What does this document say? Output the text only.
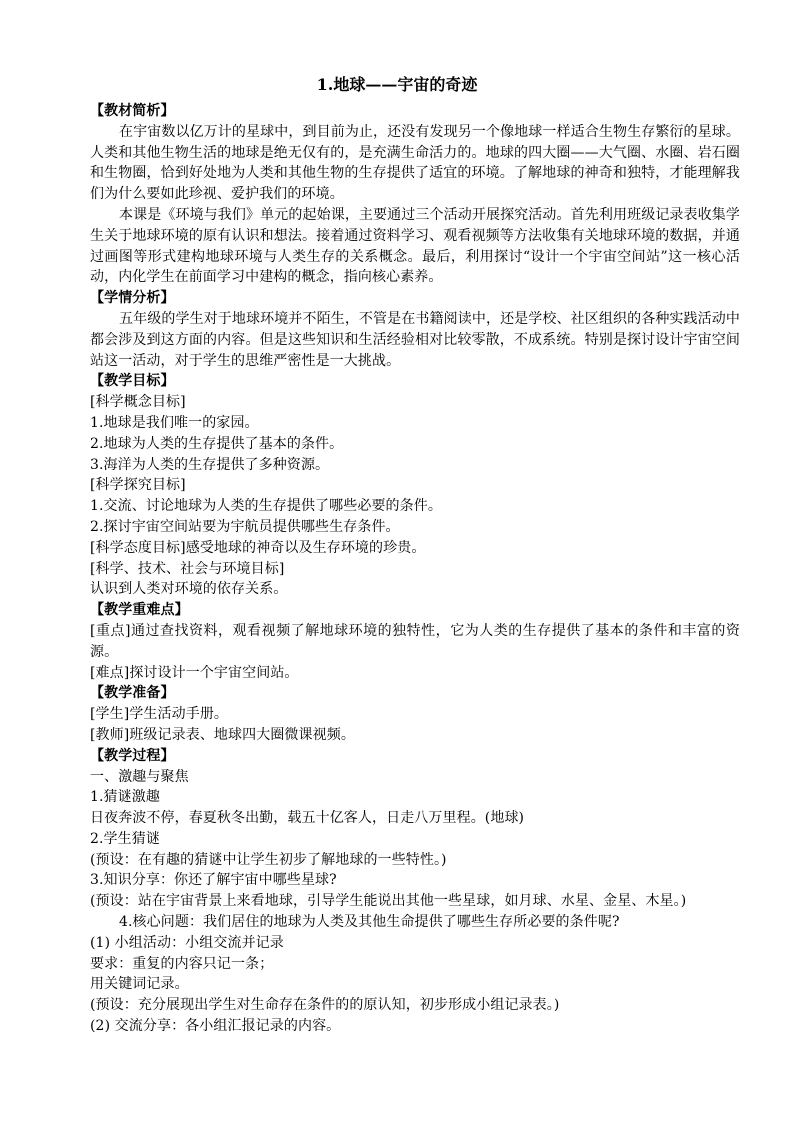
1.地球——宇宙的奇迹

【教材简析】

在宇宙数以亿万计的星球中，到目前为止，还没有发现另一个像地球一样适合生物生存繁衍的星球。人类和其他生物生活的地球是绝无仅有的，是充满生命活力的。地球的四大圈——大气圈、水圈、岩石圈和生物圈，恰到好处地为人类和其他生物的生存提供了适宜的环境。了解地球的神奇和独特，才能理解我们为什么要如此珍视、爱护我们的环境。

本课是《环境与我们》单元的起始课，主要通过三个活动开展探究活动。首先利用班级记录表收集学生关于地球环境的原有认识和想法。接着通过资料学习、观看视频等方法收集有关地球环境的数据，并通过画图等形式建构地球环境与人类生存的关系概念。最后，利用探讨“设计一个宇宙空间站”这一核心活动，内化学生在前面学习中建构的概念，指向核心素养。

【学情分析】

五年级的学生对于地球环境并不陌生，不管是在书籍阅读中，还是学校、社区组织的各种实践活动中都会涉及到这方面的内容。但是这些知识和生活经验相对比较零散，不成系统。特别是探讨设计宇宙空间站这一活动，对于学生的思维严密性是一大挑战。

【教学目标】

[科学概念目标]

1.地球是我们唯一的家园。

2.地球为人类的生存提供了基本的条件。

3.海洋为人类的生存提供了多种资源。

[科学探究目标]

1.交流、讨论地球为人类的生存提供了哪些必要的条件。

2.探讨宇宙空间站要为宇航员提供哪些生存条件。

[科学态度目标]感受地球的神奇以及生存环境的珍贵。

[科学、技术、社会与环境目标]

认识到人类对环境的依存关系。

【教学重难点】

[重点]通过查找资料，观看视频了解地球环境的独特性，它为人类的生存提供了基本的条件和丰富的资源。

[难点]探讨设计一个宇宙空间站。

【教学准备】

[学生]学生活动手册。

[教师]班级记录表、地球四大圈微课视频。

【教学过程】

一、激趣与聚焦

1.猜谜激趣

日夜奔波不停，春夏秋冬出勤，载五十亿客人，日走八万里程。(地球)

2.学生猜谜

(预设：在有趣的猜谜中让学生初步了解地球的一些特性。)

3.知识分享：你还了解宇宙中哪些星球?

(预设：站在宇宙背景上来看地球，引导学生能说出其他一些星球，如月球、水星、金星、木星。)

4.核心问题：我们居住的地球为人类及其他生命提供了哪些生存所必要的条件呢?

(1) 小组活动：小组交流并记录

要求：重复的内容只记一条；

用关键词记录。

(预设：充分展现出学生对生命存在条件的的原认知，初步形成小组记录表。)

(2) 交流分享：各小组汇报记录的内容。
